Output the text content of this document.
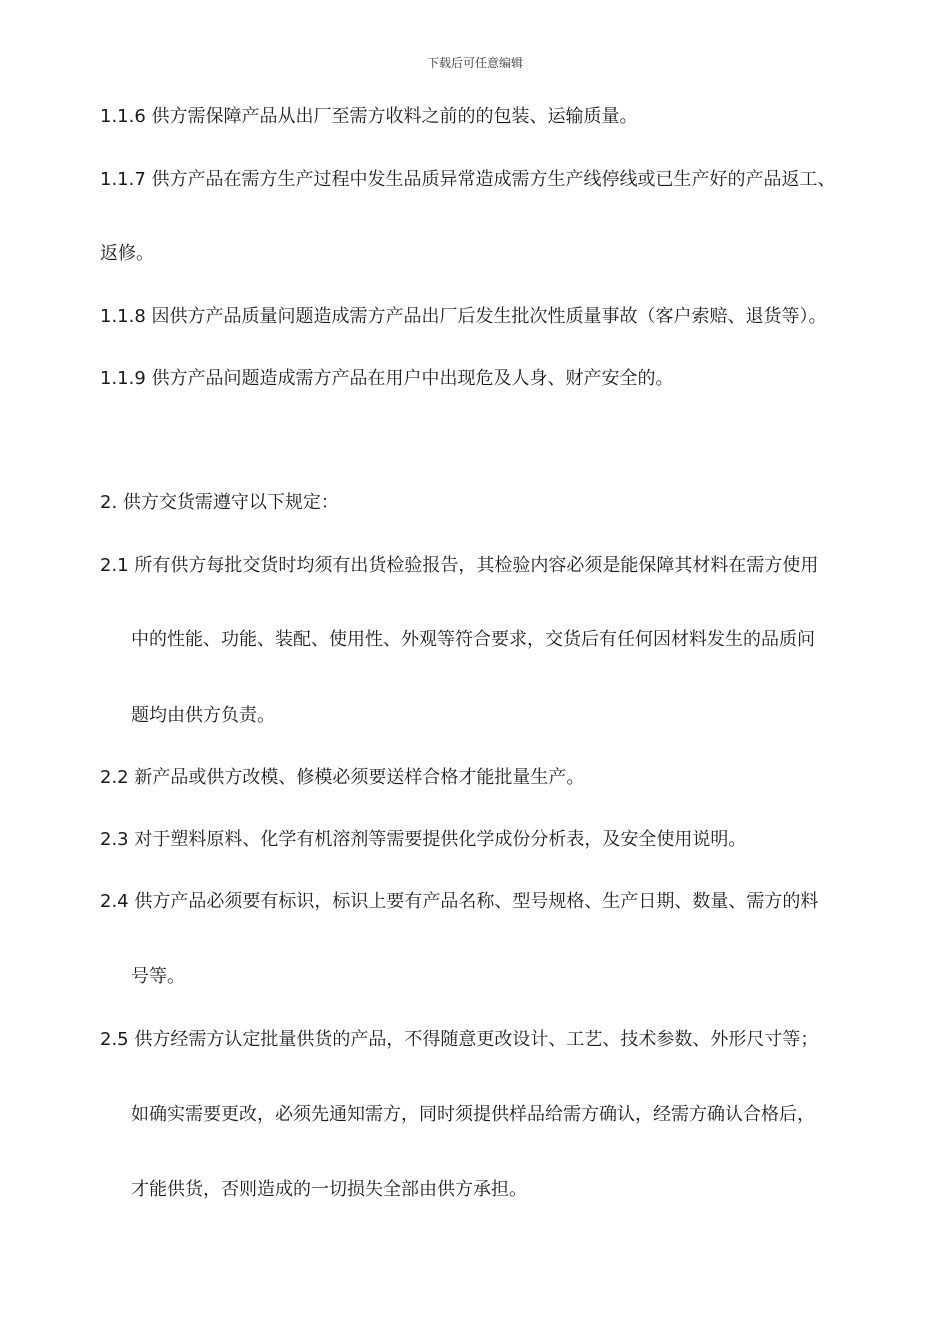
下载后可任意编辑
1.1.6 供方需保障产品从出厂至需方收料之前的的包装、运输质量。
1.1.7 供方产品在需方生产过程中发生品质异常造成需方生产线停线或已生产好的产品返工、
返修。
1.1.8 因供方产品质量问题造成需方产品出厂后发生批次性质量事故（客户索赔、退货等）。
1.1.9 供方产品问题造成需方产品在用户中出现危及人身、财产安全的。
2. 供方交货需遵守以下规定：
2.1 所有供方每批交货时均须有出货检验报告，其检验内容必须是能保障其材料在需方使用
中的性能、功能、装配、使用性、外观等符合要求，交货后有任何因材料发生的品质问
题均由供方负责。
2.2 新产品或供方改模、修模必须要送样合格才能批量生产。
2.3 对于塑料原料、化学有机溶剂等需要提供化学成份分析表，及安全使用说明。
2.4 供方产品必须要有标识，标识上要有产品名称、型号规格、生产日期、数量、需方的料
号等。
2.5 供方经需方认定批量供货的产品，不得随意更改设计、工艺、技术参数、外形尺寸等；
如确实需要更改，必须先通知需方，同时须提供样品给需方确认，经需方确认合格后，
才能供货，否则造成的一切损失全部由供方承担。
